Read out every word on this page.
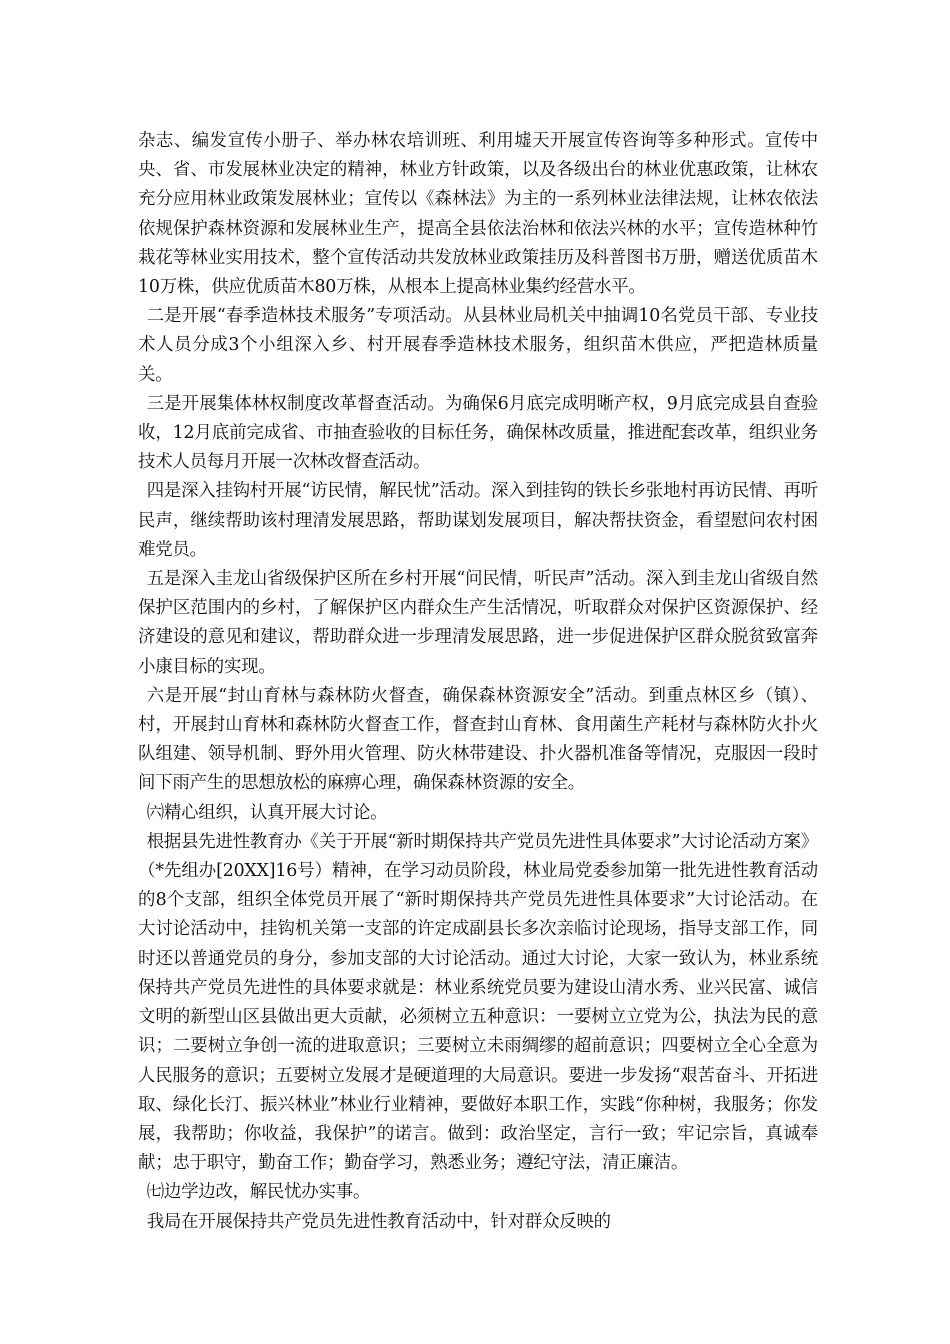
杂志、编发宣传小册子、举办林农培训班、利用墟天开展宣传咨询等多种形式。宣传中央、省、市发展林业决定的精神，林业方针政策，以及各级出台的林业优惠政策，让林农充分应用林业政策发展林业；宣传以《森林法》为主的一系列林业法律法规，让林农依法依规保护森林资源和发展林业生产，提高全县依法治林和依法兴林的水平；宣传造林种竹栽花等林业实用技术，整个宣传活动共发放林业政策挂历及科普图书万册，赠送优质苗木10万株，供应优质苗木80万株，从根本上提高林业集约经营水平。

二是开展“春季造林技术服务”专项活动。从县林业局机关中抽调10名党员干部、专业技术人员分成3个小组深入乡、村开展春季造林技术服务，组织苗木供应，严把造林质量关。

三是开展集体林权制度改革督查活动。为确保6月底完成明晰产权，9月底完成县自查验收，12月底前完成省、市抽查验收的目标任务，确保林改质量，推进配套改革，组织业务技术人员每月开展一次林改督查活动。

四是深入挂钩村开展“访民情，解民忧”活动。深入到挂钩的铁长乡张地村再访民情、再听民声，继续帮助该村理清发展思路，帮助谋划发展项目，解决帮扶资金，看望慰问农村困难党员。

五是深入圭龙山省级保护区所在乡村开展“问民情，听民声”活动。深入到圭龙山省级自然保护区范围内的乡村，了解保护区内群众生产生活情况，听取群众对保护区资源保护、经济建设的意见和建议，帮助群众进一步理清发展思路，进一步促进保护区群众脱贫致富奔小康目标的实现。

六是开展“封山育林与森林防火督查，确保森林资源安全”活动。到重点林区乡（镇）、村，开展封山育林和森林防火督查工作，督查封山育林、食用菌生产耗材与森林防火扑火队组建、领导机制、野外用火管理、防火林带建设、扑火器机准备等情况，克服因一段时间下雨产生的思想放松的麻痹心理，确保森林资源的安全。

㈥精心组织，认真开展大讨论。

根据县先进性教育办《关于开展“新时期保持共产党员先进性具体要求”大讨论活动方案》（*先组办[20XX]16号）精神，在学习动员阶段，林业局党委参加第一批先进性教育活动的8个支部，组织全体党员开展了“新时期保持共产党员先进性具体要求”大讨论活动。在大讨论活动中，挂钩机关第一支部的许定成副县长多次亲临讨论现场，指导支部工作，同时还以普通党员的身分，参加支部的大讨论活动。通过大讨论，大家一致认为，林业系统保持共产党员先进性的具体要求就是：林业系统党员要为建设山清水秀、业兴民富、诚信文明的新型山区县做出更大贡献，必须树立五种意识：一要树立立党为公，执法为民的意识；二要树立争创一流的进取意识；三要树立未雨绸缪的超前意识；四要树立全心全意为人民服务的意识；五要树立发展才是硬道理的大局意识。要进一步发扬“艰苦奋斗、开拓进取、绿化长汀、振兴林业”林业行业精神，要做好本职工作，实践“你种树，我服务；你发展，我帮助；你收益，我保护”的诺言。做到：政治坚定，言行一致；牢记宗旨，真诚奉献；忠于职守，勤奋工作；勤奋学习，熟悉业务；遵纪守法，清正廉洁。

㈦边学边改，解民忧办实事。

我局在开展保持共产党员先进性教育活动中，针对群众反映的
